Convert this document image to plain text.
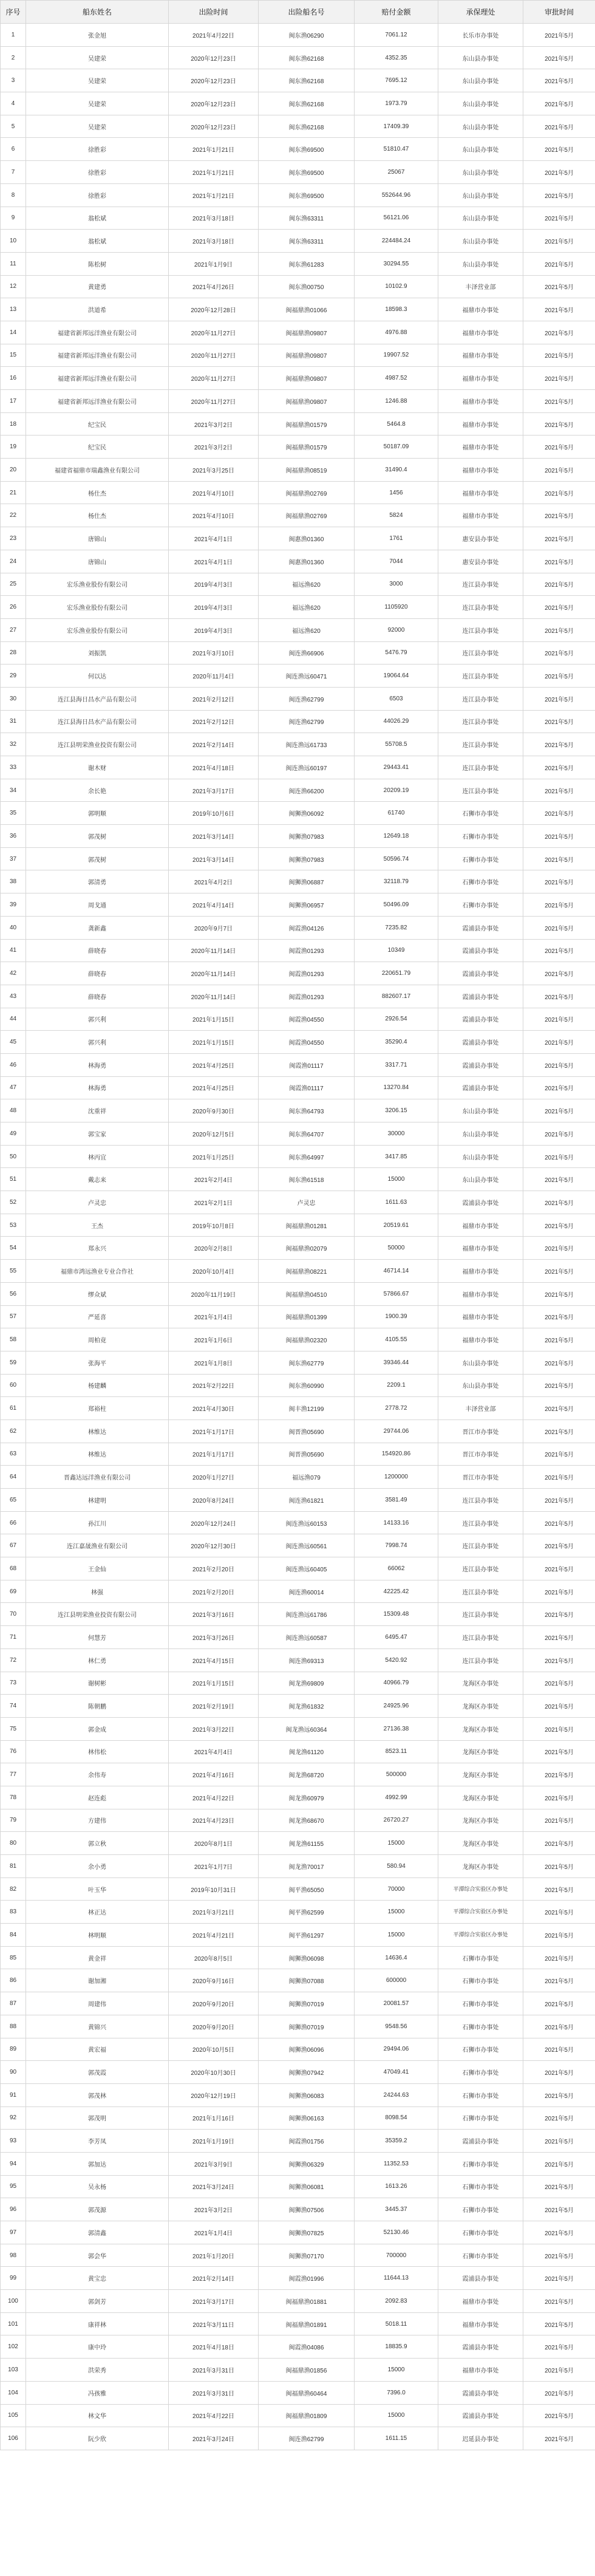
序号	船东姓名	出险时间	出险船名号	赔付金额	承保理处	审批时间
1	张金旭	2021年4月22日	闽东渔06290	7061.12	长乐市办事处	2021年5月
2	吴建荣	2020年12月23日	闽东渔62168	4352.35	东山县办事处	2021年5月
3	吴建荣	2020年12月23日	闽东渔62168	7695.12	东山县办事处	2021年5月
4	吴建荣	2020年12月23日	闽东渔62168	1973.79	东山县办事处	2021年5月
5	吴建荣	2020年12月23日	闽东渔62168	17409.39	东山县办事处	2021年5月
6	徐胜彩	2021年1月21日	闽东渔69500	51810.47	东山县办事处	2021年5月
7	徐胜彩	2021年1月21日	闽东渔69500	25067	东山县办事处	2021年5月
8	徐胜彩	2021年1月21日	闽东渔69500	552644.96	东山县办事处	2021年5月
9	翁松斌	2021年3月18日	闽东渔63311	56121.06	东山县办事处	2021年5月
10	翁松斌	2021年3月18日	闽东渔63311	224484.24	东山县办事处	2021年5月
11	陈松树	2021年1月9日	闽东渔61283	30294.55	东山县办事处	2021年5月
12	黄建勇	2021年4月26日	闽东渔00750	10102.9	丰泽营业部	2021年5月
13	洪道希	2020年12月28日	闽福鼎渔01066	18598.3	福鼎市办事处	2021年5月
14	福建省新邦远洋渔业有限公司	2020年11月27日	闽福鼎渔09807	4976.88	福鼎市办事处	2021年5月
15	福建省新邦远洋渔业有限公司	2020年11月27日	闽福鼎渔09807	19907.52	福鼎市办事处	2021年5月
16	福建省新邦远洋渔业有限公司	2020年11月27日	闽福鼎渔09807	4987.52	福鼎市办事处	2021年5月
17	福建省新邦远洋渔业有限公司	2020年11月27日	闽福鼎渔09807	1246.88	福鼎市办事处	2021年5月
18	纪宝民	2021年3月2日	闽福鼎渔01579	5464.8	福鼎市办事处	2021年5月
19	纪宝民	2021年3月2日	闽福鼎渔01579	50187.09	福鼎市办事处	2021年5月
20	福建省福鼎市瑞鑫渔业有限公司	2021年3月25日	闽福鼎渔08519	31490.4	福鼎市办事处	2021年5月
21	杨仕杰	2021年4月10日	闽福鼎渔02769	1456	福鼎市办事处	2021年5月
22	杨仕杰	2021年4月10日	闽福鼎渔02769	5824	福鼎市办事处	2021年5月
23	唐锦山	2021年4月1日	闽惠渔01360	1761	惠安县办事处	2021年5月
24	唐锦山	2021年4月1日	闽惠渔01360	7044	惠安县办事处	2021年5月
25	宏乐渔业股份有限公司	2019年4月3日	福远渔620	3000	连江县办事处	2021年5月
26	宏乐渔业股份有限公司	2019年4月3日	福远渔620	1105920	连江县办事处	2021年5月
27	宏乐渔业股份有限公司	2019年4月3日	福远渔620	92000	连江县办事处	2021年5月
28	刘振凯	2021年3月10日	闽连渔66906	5476.79	连江县办事处	2021年5月
29	何以达	2020年11月4日	闽连渔远60471	19064.64	连江县办事处	2021年5月
30	连江县海日昌水产品有限公司	2021年2月12日	闽连渔62799	6503	连江县办事处	2021年5月
31	连江县海日昌水产品有限公司	2021年2月12日	闽连渔62799	44026.29	连江县办事处	2021年5月
32	连江县明荣渔业投资有限公司	2021年2月14日	闽连渔远61733	55708.5	连江县办事处	2021年5月
33	谢木财	2021年4月18日	闽连渔远60197	29443.41	连江县办事处	2021年5月
34	余长艳	2021年3月17日	闽连渔66200	20209.19	连江县办事处	2021年5月
35	郭明顺	2019年10月6日	闽狮渔06092	61740	石狮市办事处	2021年5月
36	郭茂树	2021年3月14日	闽狮渔07983	12649.18	石狮市办事处	2021年5月
37	郭茂树	2021年3月14日	闽狮渔07983	50596.74	石狮市办事处	2021年5月
38	郭清勇	2021年4月2日	闽狮渔06887	32118.79	石狮市办事处	2021年5月
39	周戈通	2021年4月14日	闽狮渔06957	50496.09	石狮市办事处	2021年5月
40	龚新鑫	2020年9月7日	闽霞渔04126	7235.82	霞浦县办事处	2021年5月
41	薛晓春	2020年11月14日	闽霞渔01293	10349	霞浦县办事处	2021年5月
42	薛晓春	2020年11月14日	闽霞渔01293	220651.79	霞浦县办事处	2021年5月
43	薛晓春	2020年11月14日	闽霞渔01293	882607.17	霞浦县办事处	2021年5月
44	郭兴利	2021年1月15日	闽霞渔04550	2926.54	霞浦县办事处	2021年5月
45	郭兴利	2021年1月15日	闽霞渔04550	35290.4	霞浦县办事处	2021年5月
46	林海勇	2021年4月25日	闽霞渔01117	3317.71	霞浦县办事处	2021年5月
47	林海勇	2021年4月25日	闽霞渔01117	13270.84	霞浦县办事处	2021年5月
48	沈重祥	2020年9月30日	闽东渔64793	3206.15	东山县办事处	2021年5月
49	郭宝家	2020年12月5日	闽东渔64707	30000	东山县办事处	2021年5月
50	林丙宜	2021年1月25日	闽东渔64997	3417.85	东山县办事处	2021年5月
51	戴志来	2021年2月4日	闽东渔61518	15000	东山县办事处	2021年5月
52	卢灵忠	2021年2月1日	卢灵忠	1611.63	霞浦县办事处	2021年5月
53	王杰	2019年10月8日	闽福鼎渔01281	20519.61	福鼎市办事处	2021年5月
54	郑永兴	2020年2月8日	闽福鼎渔02079	50000	福鼎市办事处	2021年5月
55	福鼎市鸿远渔业专业合作社	2020年10月4日	闽福鼎渔08221	46714.14	福鼎市办事处	2021年5月
56	缪众斌	2020年11月19日	闽福鼎渔04510	57866.67	福鼎市办事处	2021年5月
57	严延喜	2021年1月4日	闽福鼎渔01399	1900.39	福鼎市办事处	2021年5月
58	周柏竟	2021年1月6日	闽福鼎渔02320	4105.55	福鼎市办事处	2021年5月
59	张海平	2021年1月8日	闽东渔62779	39346.44	东山县办事处	2021年5月
60	杨建麟	2021年2月22日	闽东渔60990	2209.1	东山县办事处	2021年5月
61	郑裕柱	2021年4月30日	闽丰渔12199	2778.72	丰泽营业部	2021年5月
62	林维达	2021年1月17日	闽晋渔05690	29744.06	晋江市办事处	2021年5月
63	林维达	2021年1月17日	闽晋渔05690	154920.86	晋江市办事处	2021年5月
64	晋鑫达远洋渔业有限公司	2020年1月27日	福远渔079	1200000	晋江市办事处	2021年5月
65	林建明	2020年8月24日	闽连渔61821	3581.49	连江县办事处	2021年5月
66	孙江川	2020年12月24日	闽连渔远60153	14133.16	连江县办事处	2021年5月
67	连江嘉晟渔业有限公司	2020年12月30日	闽连渔远60561	7998.74	连江县办事处	2021年5月
68	王金仙	2021年2月20日	闽连渔远60405	66062	连江县办事处	2021年5月
69	林强	2021年2月20日	闽连渔60014	42225.42	连江县办事处	2021年5月
70	连江县明荣渔业投资有限公司	2021年3月16日	闽连渔远61786	15309.48	连江县办事处	2021年5月
71	何慧芳	2021年3月26日	闽连渔远60587	6495.47	连江县办事处	2021年5月
72	林仁勇	2021年4月15日	闽连渔69313	5420.92	连江县办事处	2021年5月
73	谢树彬	2021年1月15日	闽龙渔69809	40966.79	龙海区办事处	2021年5月
74	陈朝鹏	2021年2月19日	闽龙渔61832	24925.96	龙海区办事处	2021年5月
75	郭金成	2021年3月22日	闽龙渔远60364	27136.38	龙海区办事处	2021年5月
76	林伟松	2021年4月4日	闽龙渔61120	8523.11	龙海区办事处	2021年5月
77	余伟寿	2021年4月16日	闽龙渔68720	500000	龙海区办事处	2021年5月
78	赵连彪	2021年4月22日	闽龙渔60979	4992.99	龙海区办事处	2021年5月
79	方建伟	2021年4月23日	闽龙渔68670	26720.27	龙海区办事处	2021年5月
80	郭立秋	2020年8月1日	闽龙渔61155	15000	龙海区办事处	2021年5月
81	余小勇	2021年1月7日	闽龙渔70017	580.94	龙海区办事处	2021年5月
82	叶玉华	2019年10月31日	闽平渔65050	70000	平潭综合实验区办事处	2021年5月
83	林正达	2021年3月21日	闽平渔62599	15000	平潭综合实验区办事处	2021年5月
84	林明顺	2021年4月21日	闽平渔61297	15000	平潭综合实验区办事处	2021年5月
85	黄金祥	2020年8月5日	闽狮渔06098	14636.4	石狮市办事处	2021年5月
86	谢加湘	2020年9月16日	闽狮渔07088	600000	石狮市办事处	2021年5月
87	周建伟	2020年9月20日	闽狮渔07019	20081.57	石狮市办事处	2021年5月
88	黄锦兴	2020年9月20日	闽狮渔07019	9548.56	石狮市办事处	2021年5月
89	黄宏福	2020年10月5日	闽狮渔06096	29494.06	石狮市办事处	2021年5月
90	郭茂霞	2020年10月30日	闽狮渔07942	47049.41	石狮市办事处	2021年5月
91	郭茂林	2020年12月19日	闽狮渔06083	24244.63	石狮市办事处	2021年5月
92	郭茂明	2021年1月16日	闽狮渔06163	8098.54	石狮市办事处	2021年5月
93	李芳凤	2021年1月19日	闽霞渔01756	35359.2	霞浦县办事处	2021年5月
94	郭加达	2021年3月9日	闽狮渔06329	11352.53	石狮市办事处	2021年5月
95	吴永杨	2021年3月24日	闽狮渔06081	1613.26	石狮市办事处	2021年5月
96	郭茂源	2021年3月2日	闽狮渔07506	3445.37	石狮市办事处	2021年5月
97	郭清鑫	2021年1月4日	闽狮渔07825	52130.46	石狮市办事处	2021年5月
98	郭会华	2021年1月20日	闽狮渔07170	700000	石狮市办事处	2021年5月
99	黄宝忠	2021年2月14日	闽霞渔01996	11644.13	霞浦县办事处	2021年5月
100	郭剑芳	2021年3月17日	闽福鼎渔01881	2092.83	福鼎市办事处	2021年5月
101	康祥林	2021年3月11日	闽福鼎渔01891	5018.11	福鼎市办事处	2021年5月
102	康中玲	2021年4月18日	闽霞渔04086	18835.9	霞浦县办事处	2021年5月
103	洪荣秀	2021年3月31日	闽福鼎渔01856	15000	福鼎市办事处	2021年5月
104	冯孩雅	2021年3月31日	闽福鼎渔60464	7396.0	霞浦县办事处	2021年5月
105	林文华	2021年4月22日	闽福鼎渔01809	15000	霞浦县办事处	2021年5月
106	阮少欣	2021年3月24日	闽连渔62799	1611.15	迟延县办事处	2021年5月
